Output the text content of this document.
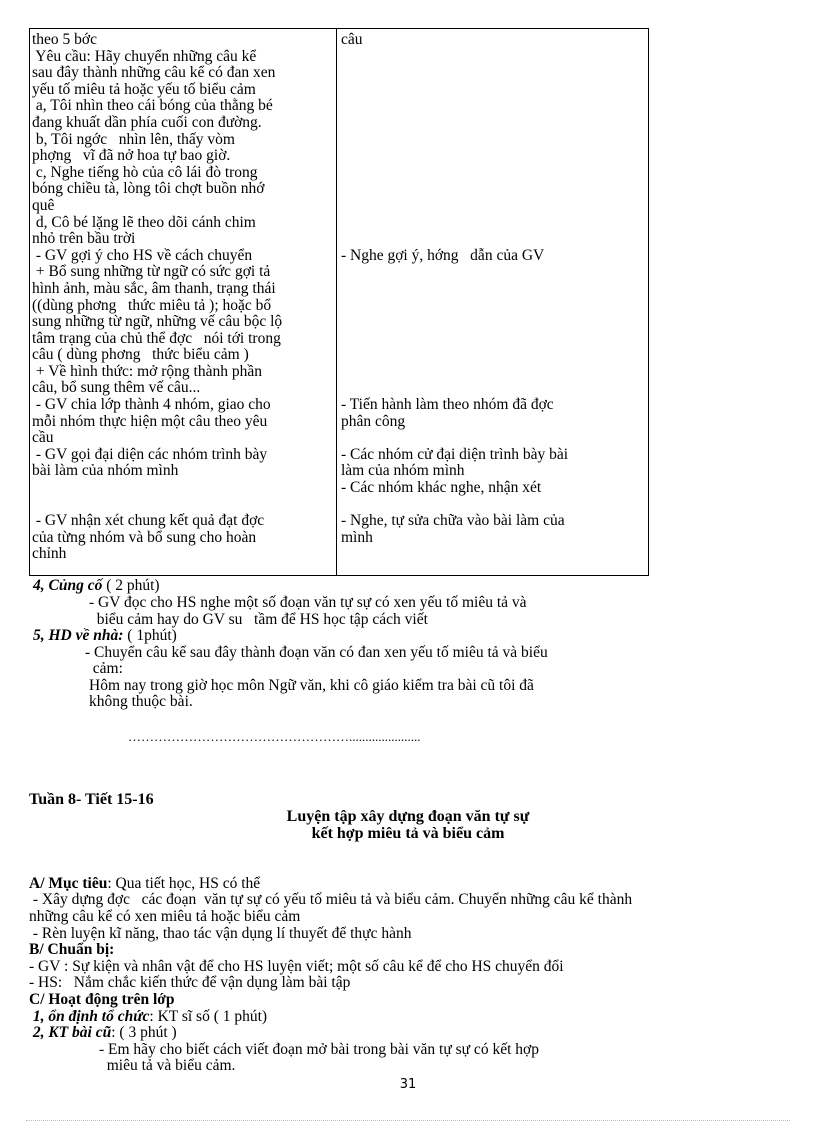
theo 5 bớc
Yêu cầu: Hãy chuyển những câu kể
sau đây thành những câu kể có đan xen
yếu tố miêu tả hoặc yếu tố biểu cảm
a, Tôi nhìn theo cái bóng của thằng bé
đang khuất dần phía cuối con đường.
b, Tôi ngớc   nhìn lên, thấy vòm
phợng   vĩ đã nở hoa tự bao giờ.
c, Nghe tiếng hò của cô lái đò trong
bóng chiều tà, lòng tôi chợt buồn nhớ
quê
d, Cô bé lặng lẽ theo dõi cánh chim
nhỏ trên bầu trời
- GV gợi ý cho HS về cách chuyển
+ Bổ sung những từ ngữ có sức gợi tả
hình ảnh, màu sắc, âm thanh, trạng thái
((dùng phơng   thức miêu tả ); hoặc bổ
sung những từ ngữ, những vế câu bộc lộ
tâm trạng của chủ thể đợc   nói tới trong
câu ( dùng phơng   thức biểu cảm )
+ Về hình thức: mở rộng thành phần
câu, bổ sung thêm vế câu...
- GV chia lớp thành 4 nhóm, giao cho
mỗi nhóm thực hiện một câu theo yêu
cầu
- GV gọi đại diện các nhóm trình bày
bài làm của nhóm mình
- GV nhận xét chung kết quả đạt đợc
của từng nhóm và bổ sung cho hoàn
chỉnh
câu
- Nghe gợi ý, hớng   dẫn của GV
- Tiến hành làm theo nhóm đã đợc
phân công
- Các nhóm cử đại diện trình bày bài
làm của nhóm mình
- Các nhóm khác nghe, nhận xét
- Nghe, tự sửa chữa vào bài làm của
mình
4, Củng cố ( 2 phút)
- GV đọc cho HS nghe một số đoạn văn tự sự có xen yếu tố miêu tả và
biểu cảm hay do GV su   tầm để HS học tập cách viết
5, HD về nhà: ( 1phút)
- Chuyển câu kể sau đây thành đoạn văn có đan xen yếu tố miêu tả và biểu
cảm:
Hôm nay trong giờ học môn Ngữ văn, khi cô giáo kiểm tra bài cũ tôi đã
không thuộc bài.
……………………………………………......................
Tuần 8- Tiết 15-16
Luyện tập xây dựng đoạn văn tự sự
kết hợp miêu tả và biểu cảm
A/ Mục tiêu: Qua tiết học, HS có thể
- Xây dựng đợc   các đoạn  văn tự sự có yếu tố miêu tả và biểu cảm. Chuyển những câu kể thành
những câu kể có xen miêu tả hoặc biểu cảm
- Rèn luyện kĩ năng, thao tác vận dụng lí thuyết để thực hành
B/ Chuẩn bị:
- GV : Sự kiện và nhân vật để cho HS luyện viết; một số câu kể để cho HS chuyển đổi
- HS:   Nắm chắc kiến thức để vận dụng làm bài tập
C/ Hoạt động trên lớp
1, ổn định tổ chức: KT sĩ số ( 1 phút)
2, KT bài cũ: ( 3 phút )
- Em hãy cho biết cách viết đoạn mở bài trong bài văn tự sự có kết hợp
miêu tả và biểu cảm.
31
